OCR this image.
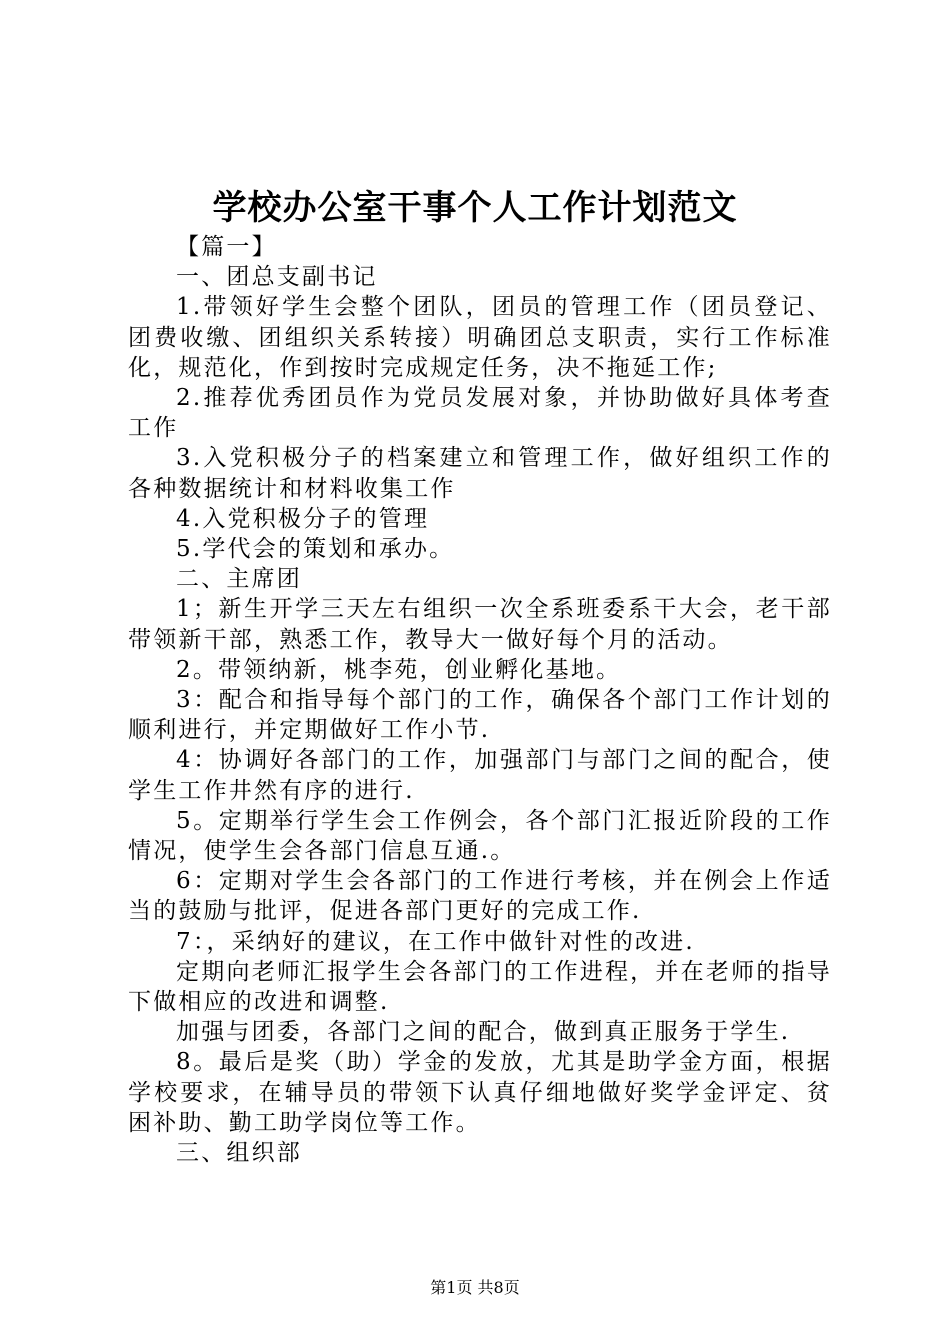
学校办公室干事个人工作计划范文

【篇一】

一、团总支副书记

1.带领好学生会整个团队，团员的管理工作（团员登记、团费收缴、团组织关系转接）明确团总支职责，实行工作标准化，规范化，作到按时完成规定任务，决不拖延工作;

2.推荐优秀团员作为党员发展对象，并协助做好具体考查工作

3.入党积极分子的档案建立和管理工作，做好组织工作的各种数据统计和材料收集工作

4.入党积极分子的管理

5.学代会的策划和承办。

二、主席团

1；新生开学三天左右组织一次全系班委系干大会，老干部带领新干部，熟悉工作，教导大一做好每个月的活动。

2。带领纳新，桃李苑，创业孵化基地。

3：配合和指导每个部门的工作，确保各个部门工作计划的顺利进行，并定期做好工作小节.

4：协调好各部门的工作，加强部门与部门之间的配合，使学生工作井然有序的进行.

5。定期举行学生会工作例会，各个部门汇报近阶段的工作情况，使学生会各部门信息互通.。

6：定期对学生会各部门的工作进行考核，并在例会上作适当的鼓励与批评，促进各部门更好的完成工作.

7：，采纳好的建议，在工作中做针对性的改进.

定期向老师汇报学生会各部门的工作进程，并在老师的指导下做相应的改进和调整.

加强与团委，各部门之间的配合，做到真正服务于学生.

8。最后是奖（助）学金的发放，尤其是助学金方面，根据学校要求，在辅导员的带领下认真仔细地做好奖学金评定、贫困补助、勤工助学岗位等工作。

三、组织部

第1页 共8页
